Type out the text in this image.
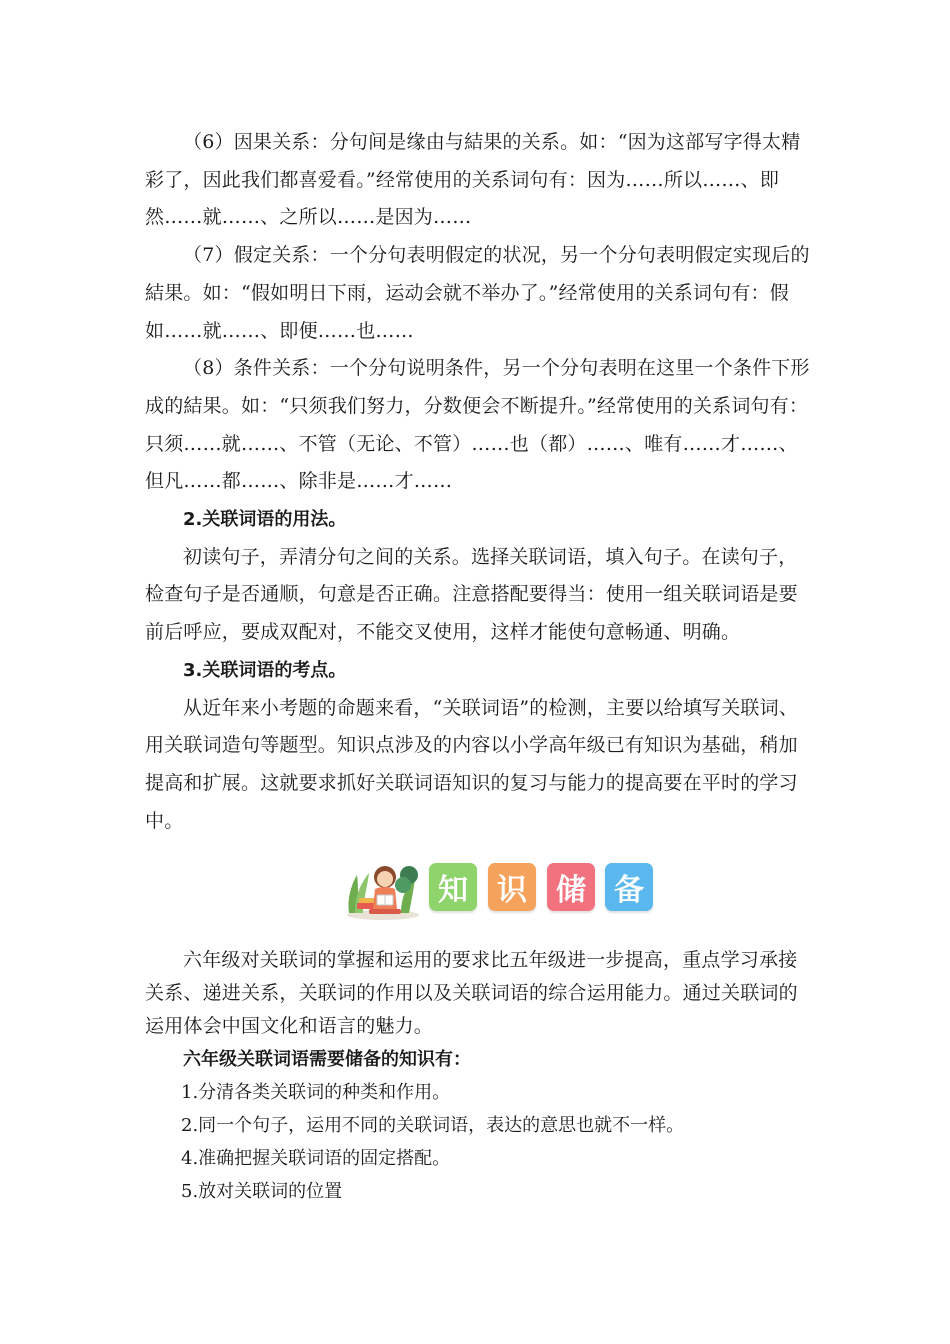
（6）因果关系：分句间是缘由与結果的关系。如：“因为这部写字得太精彩了，因此我们都喜爱看。”经常使用的关系词句有：因为……所以……、即然……就……、之所以……是因为……

（7）假定关系：一个分句表明假定的状况，另一个分句表明假定实现后的結果。如：“假如明日下雨，运动会就不举办了。”经常使用的关系词句有：假如……就……、即便……也……

（8）条件关系：一个分句说明条件，另一个分句表明在这里一个条件下形成的結果。如：“只须我们努力，分数便会不断提升。”经常使用的关系词句有：只须……就……、不管（无论、不管）……也（都）……、唯有……才……、但凡……都……、除非是……才……

2.关联词语的用法。

初读句子，弄清分句之间的关系。选择关联词语，填入句子。在读句子，检查句子是否通顺，句意是否正确。注意搭配要得当：使用一组关联词语是要前后呼应，要成双配对，不能交叉使用，这样才能使句意畅通、明确。

3.关联词语的考点。

从近年来小考题的命题来看，“关联词语”的检测，主要以给填写关联词、用关联词造句等题型。知识点涉及的内容以小学高年级已有知识为基础，稍加提高和扩展。这就要求抓好关联词语知识的复习与能力的提高要在平时的学习中。

知 识 储 备

六年级对关联词的掌握和运用的要求比五年级进一步提高，重点学习承接关系、递进关系，关联词的作用以及关联词语的综合运用能力。通过关联词的运用体会中国文化和语言的魅力。

六年级关联词语需要储备的知识有：

1.分清各类关联词的种类和作用。

2.同一个句子，运用不同的关联词语，表达的意思也就不一样。

4.准确把握关联词语的固定搭配。

5.放对关联词的位置
